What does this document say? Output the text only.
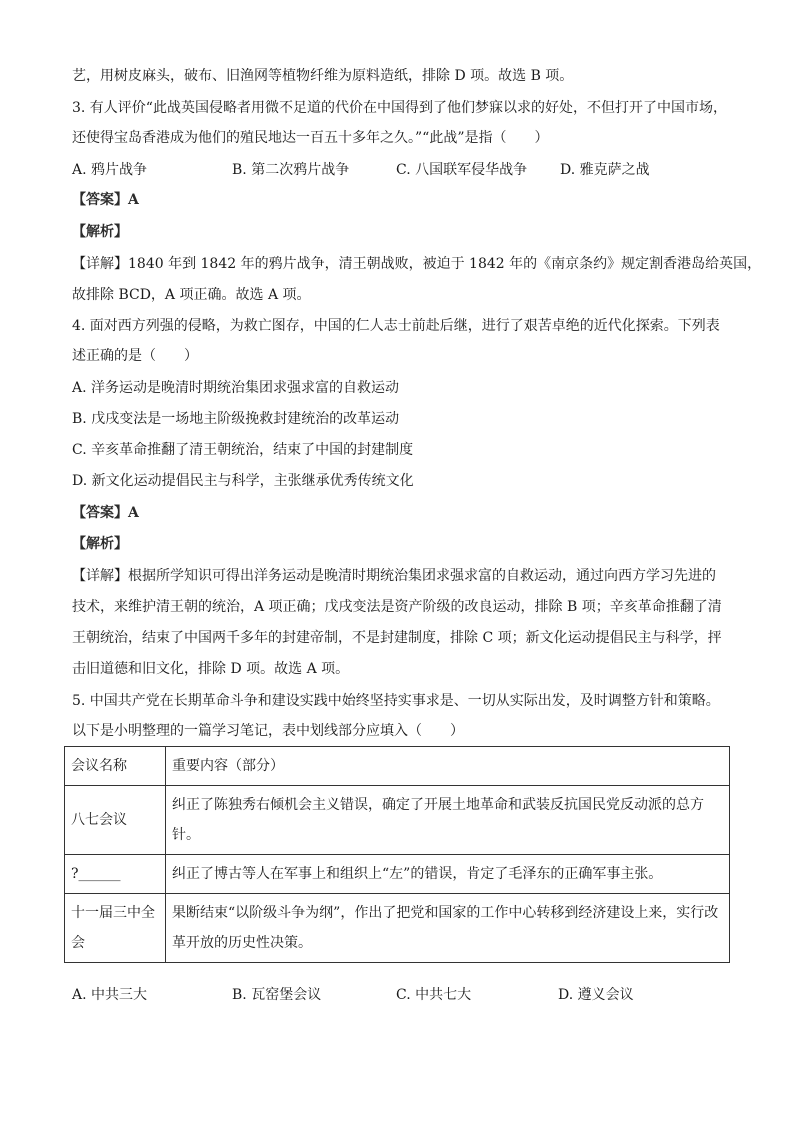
艺，用树皮麻头，破布、旧渔网等植物纤维为原料造纸，排除 D 项。故选 B 项。
3. 有人评价“此战英国侵略者用微不足道的代价在中国得到了他们梦寐以求的好处，不但打开了中国市场，
还使得宝岛香港成为他们的殖民地达一百五十多年之久。”“此战”是指（　　）
A. 鸦片战争	B. 第二次鸦片战争	C. 八国联军侵华战争 D. 雅克萨之战
【答案】A
【解析】
【详解】1840 年到 1842 年的鸦片战争，清王朝战败，被迫于 1842 年的《南京条约》规定割香港岛给英国，
故排除 BCD，A 项正确。故选 A 项。
4. 面对西方列强的侵略，为救亡图存，中国的仁人志士前赴后继，进行了艰苦卓绝的近代化探索。下列表
述正确的是（　　）
A. 洋务运动是晚清时期统治集团求强求富的自救运动
B. 戊戌变法是一场地主阶级挽救封建统治的改革运动
C. 辛亥革命推翻了清王朝统治，结束了中国的封建制度
D. 新文化运动提倡民主与科学，主张继承优秀传统文化
【答案】A
【解析】
【详解】根据所学知识可得出洋务运动是晚清时期统治集团求强求富的自救运动，通过向西方学习先进的
技术，来维护清王朝的统治，A 项正确；戊戌变法是资产阶级的改良运动，排除 B 项；辛亥革命推翻了清
王朝统治，结束了中国两千多年的封建帝制，不是封建制度，排除 C 项；新文化运动提倡民主与科学，抨
击旧道德和旧文化，排除 D 项。故选 A 项。
5. 中国共产党在长期革命斗争和建设实践中始终坚持实事求是、一切从实际出发，及时调整方针和策略。
以下是小明整理的一篇学习笔记，表中划线部分应填入（　　）
会议名称	重要内容（部分）
八七会议	纠正了陈独秀右倾机会主义错误，确定了开展土地革命和武装反抗国民党反动派的总方针。
?______	纠正了博古等人在军事上和组织上“左”的错误，肯定了毛泽东的正确军事主张。
十一届三中全会	果断结束“以阶级斗争为纲”，作出了把党和国家的工作中心转移到经济建设上来，实行改革开放的历史性决策。
A. 中共三大	B. 瓦窑堡会议	C. 中共七大	D. 遵义会议
